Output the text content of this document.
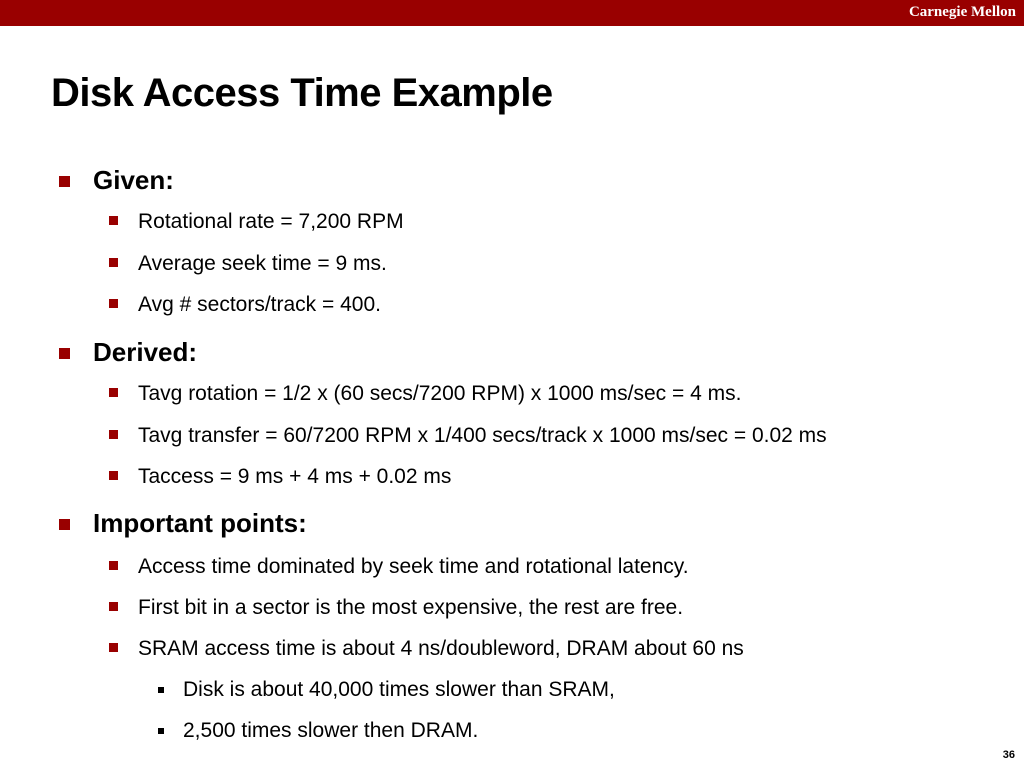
Carnegie Mellon
Disk Access Time Example
Given:
Rotational rate = 7,200 RPM
Average seek time = 9 ms.
Avg # sectors/track = 400.
Derived:
Tavg rotation = 1/2 x (60 secs/7200 RPM) x 1000 ms/sec = 4 ms.
Tavg transfer = 60/7200 RPM x 1/400 secs/track x 1000 ms/sec = 0.02 ms
Taccess = 9 ms + 4 ms + 0.02 ms
Important points:
Access time dominated by seek time and rotational latency.
First bit in a sector is the most expensive, the rest are free.
SRAM access time is about 4 ns/doubleword, DRAM about 60 ns
Disk is about 40,000 times slower than SRAM,
2,500 times slower then DRAM.
36
